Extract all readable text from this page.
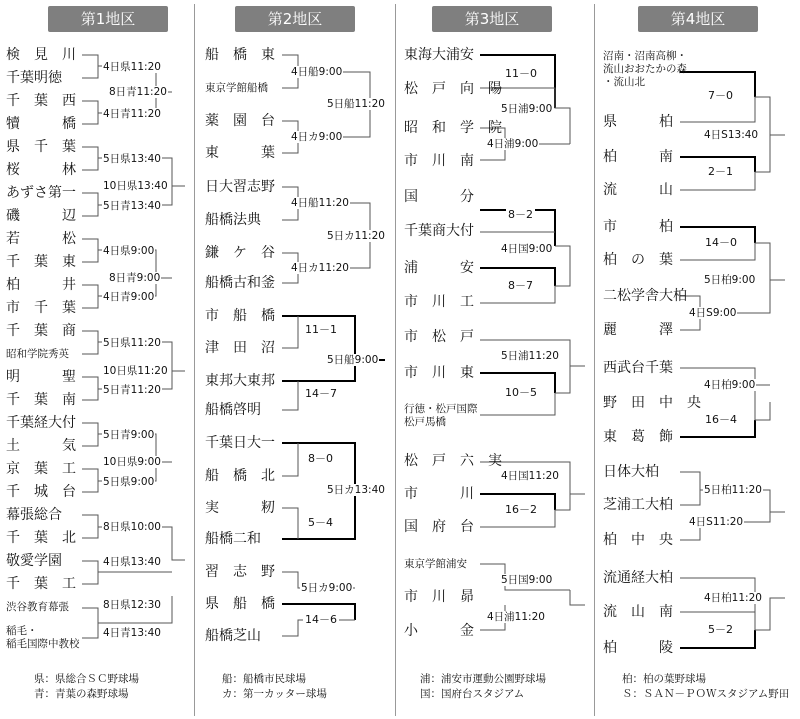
第1地区	第2地区	第3地区	第4地区
検　見　川
千葉明徳
千　葉　西
犢　　　橋
県　千　葉
桜　　　林
あずさ第一
磯　　　辺
若　　　松
千　葉　東
柏　　　井
市　千　葉
千　葉　商
昭和学院秀英
明　　　聖
千　葉　南
千葉経大付
土　　　気
京　葉　工
千　城　台
幕張総合
千　葉　北
敬愛学園
千　葉　工
渋谷教育幕張
稲毛・
稲毛国際中教校
4日県11:20
8日青11:20
4日青11:20
5日県13:40
10日県13:40
5日青13:40
4日県9:00
8日青9:00
4日青9:00
5日県11:20
10日県11:20
5日青11:20
5日青9:00
10日県9:00
5日県9:00
8日県10:00
4日県13:40
8日県12:30
4日青13:40
県：県総合ＳＣ野球場
青：青葉の森野球場
船　橋　東
東京学館船橋
薬　園　台
東　　　葉
日大習志野
船橋法典
鎌　ケ　谷
船橋古和釜
市　船　橋
津　田　沼
東邦大東邦
船橋啓明
千葉日大一
船　橋　北
実　　　籾
船橋二和
習　志　野
県　船　橋
船橋芝山
4日船9:00
5日船11:20
4日カ9:00
4日船11:20
5日カ11:20
4日カ11:20
5日船9:00
5日カ13:40
5日カ9:00
11－1
14－7
8－0
5－4
14－6
船：船橋市民球場
カ：第一カッター球場
東海大浦安
松　戸　向　陽
昭　和　学　院
市　川　南
国　　　分
千葉商大付
浦　　　安
市　川　工
市　松　戸
市　川　東
行徳・松戸国際
松戸馬橋
松　戸　六　実
市　　　川
国　府　台
東京学館浦安
市　川　昴
小　　　金
5日浦9:00
4日浦9:00
4日国9:00
5日浦11:20
4日国11:20
5日国9:00
4日浦11:20
11－0
8－2
8－7
10－5
16－2
浦：浦安市運動公園野球場
国：国府台スタジアム
沼南・沼南高柳・
流山おおたかの森
・流山北
県　　　柏
柏　　　南
流　　　山
市　　　柏
柏　の　葉
二松学舎大柏
麗　　　澤
西武台千葉
野　田　中　央
東　葛　飾
日体大柏
芝浦工大柏
柏　中　央
流通経大柏
流　山　南
柏　　　陵
4日S13:40
5日柏9:00
4日S9:00
4日柏9:00
5日柏11:20
4日S11:20
4日柏11:20
7－0
2－1
14－0
16－4
5－2
柏：柏の葉野球場
Ｓ：ＳＡＮ－ＰＯＷスタジアム野田
